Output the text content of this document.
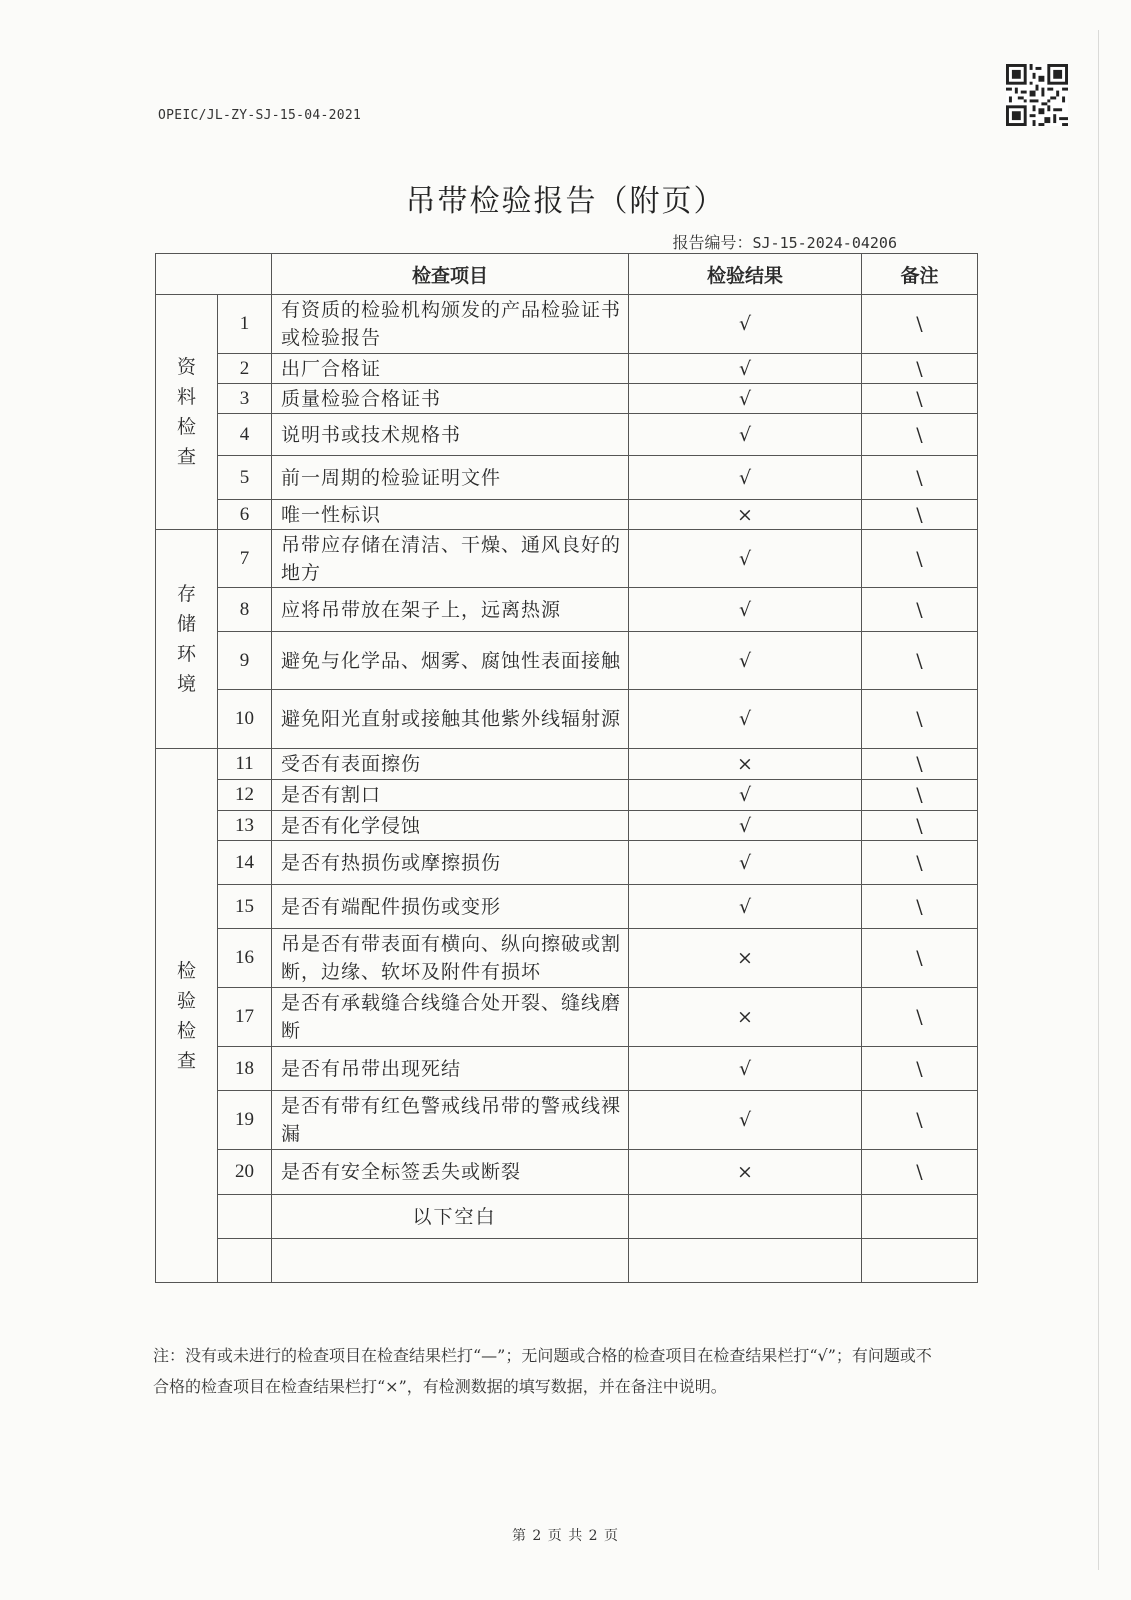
OPEIC/JL-ZY-SJ-15-04-2021
吊带检验报告（附页）
报告编号：SJ-15-2024-04206
		检查项目	检验结果	备注
资料检查	1	有资质的检验机构颁发的产品检验证书或检验报告	√	\
	2	出厂合格证	√	\
	3	质量检验合格证书	√	\
	4	说明书或技术规格书	√	\
	5	前一周期的检验证明文件	√	\
	6	唯一性标识	×	\
存储环境	7	吊带应存储在清洁、干燥、通风良好的地方	√	\
	8	应将吊带放在架子上，远离热源	√	\
	9	避免与化学品、烟雾、腐蚀性表面接触	√	\
	10	避免阳光直射或接触其他紫外线辐射源	√	\
检验检查	11	受否有表面擦伤	×	\
	12	是否有割口	√	\
	13	是否有化学侵蚀	√	\
	14	是否有热损伤或摩擦损伤	√	\
	15	是否有端配件损伤或变形	√	\
	16	吊是否有带表面有横向、纵向擦破或割断，边缘、软坏及附件有损坏	×	\
	17	是否有承载缝合线缝合处开裂、缝线磨断	×	\
	18	是否有吊带出现死结	√	\
	19	是否有带有红色警戒线吊带的警戒线裸漏	√	\
	20	是否有安全标签丢失或断裂	×	\
		以下空白		

注：没有或未进行的检查项目在检查结果栏打“—”；无问题或合格的检查项目在检查结果栏打“√”；有问题或不合格的检查项目在检查结果栏打“×”，有检测数据的填写数据，并在备注中说明。
第 2 页 共 2 页
